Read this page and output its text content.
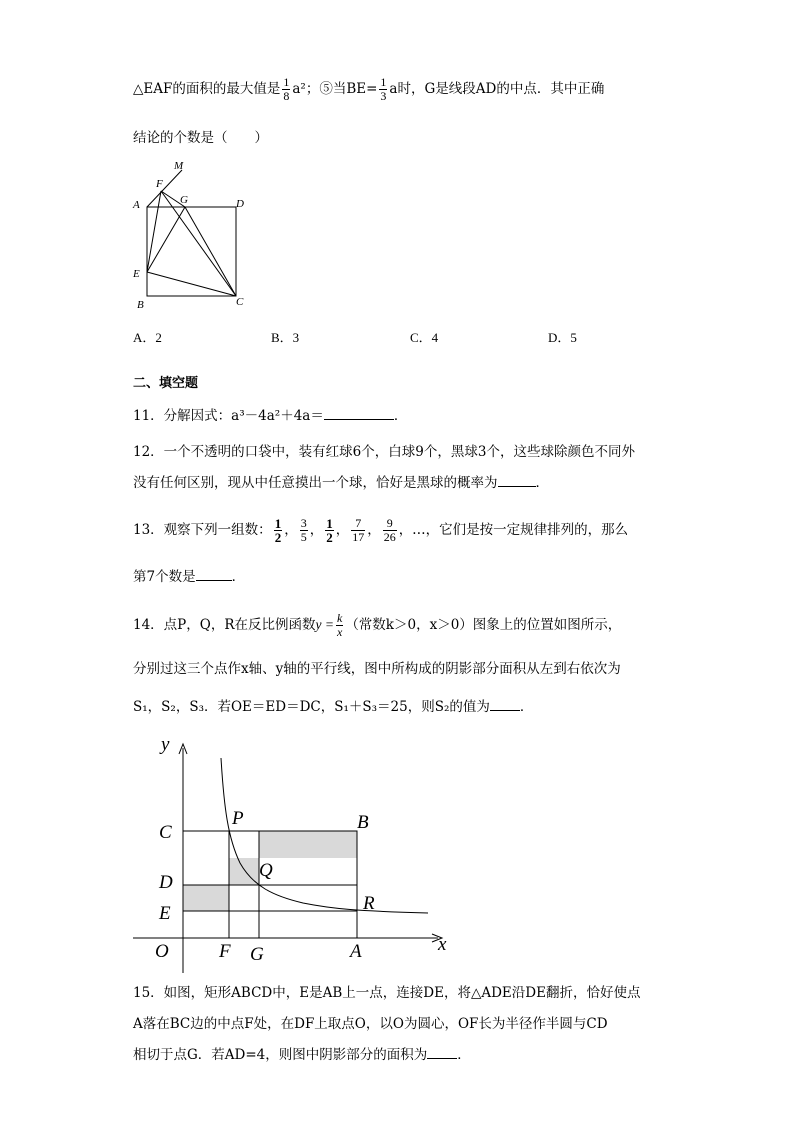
△EAF的面积的最大值是 $\frac{1}{8} a^2$；⑤当$BE= \frac{1}{3}$ a时，G是线段AD的中点．其中正确
结论的个数是（　　）
M
F
G
A	D
E
B	C
A．2	B．3	C．4	D．5
二、填空题
11．分解因式：a³－4a²＋4a＝	．
12．一个不透明的口袋中，装有红球6个，白球9个，黑球3个，这些球除颜色不同外
没有任何区别，现从中任意摸出一个球，恰好是黑球的概率为	．
13．观察下列一组数： $\frac{1}{2}$ ， $\frac{3}{5}$ ， $\frac{1}{2}$ ， $\frac{7}{17}$ ， $\frac{9}{26}$ ，…，它们是按一定规律排列的，那么
第7个数是	．
14．点P，Q，R在反比例函数$y = \frac{k}{x}$ （常数k＞0，x＞0）图象上的位置如图所示，
分别过这三个点作x轴、y轴的平行线，图中所构成的阴影部分面积从左到右依次为
S₁，S₂，S₃．若OE＝ED＝DC，S₁＋S₃＝25，则S₂的值为 ．
y
x
O
C
D
E
P	B
Q
R
F G	A
15．如图，矩形ABCD中，E是AB上一点，连接DE，将△ADE沿DE翻折，恰好使点
A落在BC边的中点F处，在DF上取点O，以O为圆心，OF长为半径作半圆与CD
相切于点G．若AD=4，则图中阴影部分的面积为 ．
